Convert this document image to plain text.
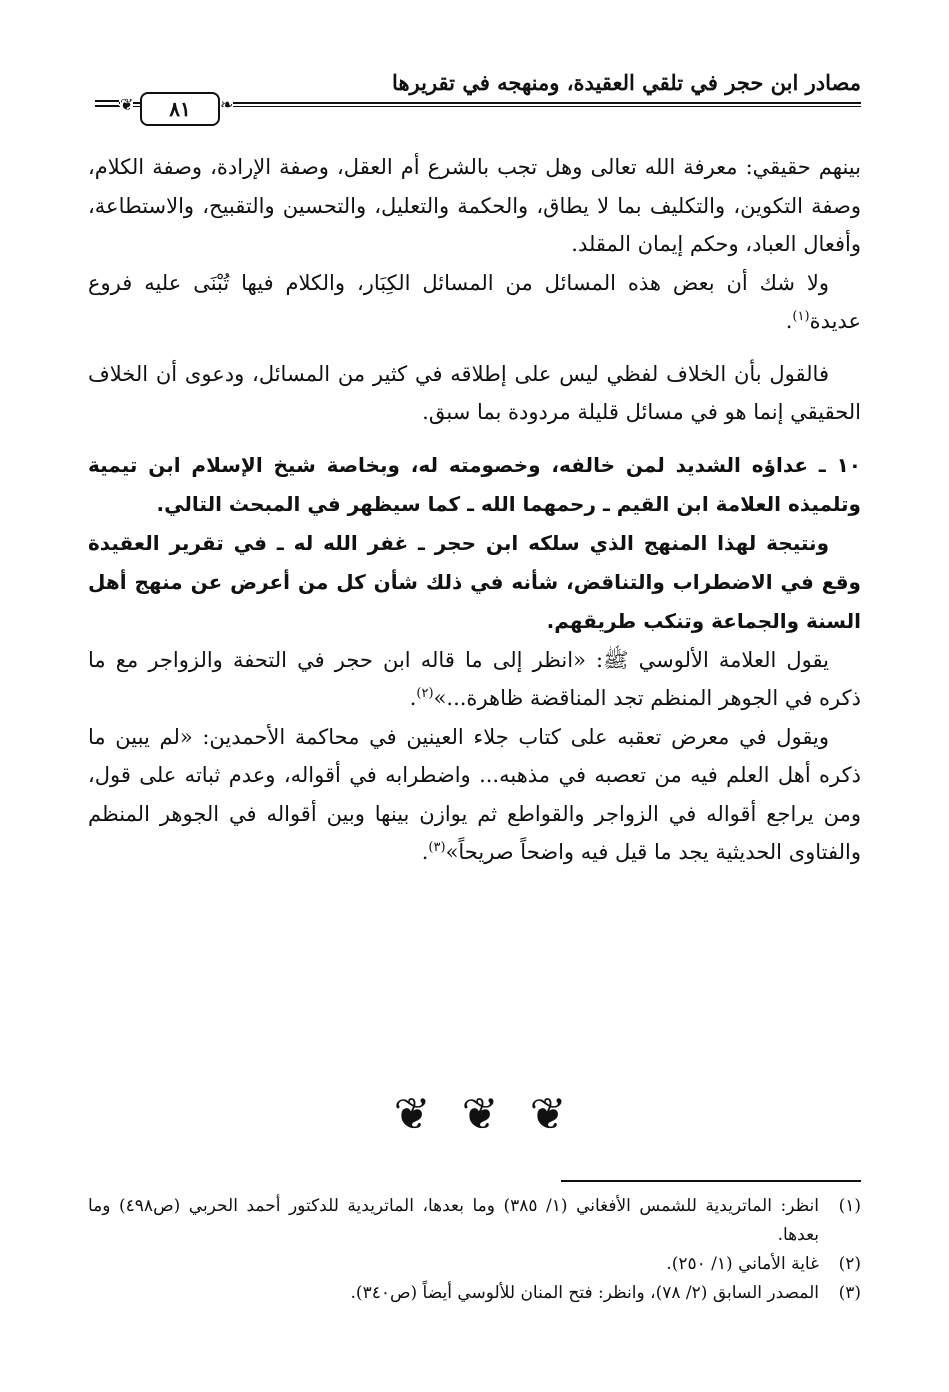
مصادر ابن حجر في تلقي العقيدة، ومنهجه في تقريرها
❦	٨١	❧

بينهم حقيقي: معرفة الله تعالى وهل تجب بالشرع أم العقل، وصفة الإرادة، وصفة الكلام، وصفة التكوين، والتكليف بما لا يطاق، والحكمة والتعليل، والتحسين والتقبيح، والاستطاعة، وأفعال العباد، وحكم إيمان المقلد.

ولا شك أن بعض هذه المسائل من المسائل الكِبَار، والكلام فيها تُبْنَى عليه فروع عديدة$^{(١)}$.

فالقول بأن الخلاف لفظي ليس على إطلاقه في كثير من المسائل، ودعوى أن الخلاف الحقيقي إنما هو في مسائل قليلة مردودة بما سبق.

١٠ ـ عداؤه الشديد لمن خالفه، وخصومته له، وبخاصة شيخ الإسلام ابن تيمية وتلميذه العلامة ابن القيم ـ رحمهما الله ـ كما سيظهر في المبحث التالي.

ونتيجة لهذا المنهج الذي سلكه ابن حجر ـ غفر الله له ـ في تقرير العقيدة وقع في الاضطراب والتناقض، شأنه في ذلك شأن كل من أعرض عن منهج أهل السنة والجماعة وتنكب طريقهم.

يقول العلامة الألوسي ﷺ: «انظر إلى ما قاله ابن حجر في التحفة والزواجر مع ما ذكره في الجوهر المنظم تجد المناقضة ظاهرة...»$^{(٢)}$.

ويقول في معرض تعقبه على كتاب جلاء العينين في محاكمة الأحمدين: «لم يبين ما ذكره أهل العلم فيه من تعصبه في مذهبه... واضطرابه في أقواله، وعدم ثباته على قول، ومن يراجع أقواله في الزواجر والقواطع ثم يوازن بينها وبين أقواله في الجوهر المنظم والفتاوى الحديثية يجد ما قيل فيه واضحاً صريحاً»$^{(٣)}$.

❦
❦
❦
(١)
انظر: الماتريدية للشمس الأفغاني (١/ ٣٨٥) وما بعدها، الماتريدية للدكتور أحمد الحربي (ص٤٩٨) وما بعدها.
(٢)
غاية الأماني (١/ ٢٥٠).
(٣)
المصدر السابق (٢/ ٧٨)، وانظر: فتح المنان للألوسي أيضاً (ص٣٤٠).
